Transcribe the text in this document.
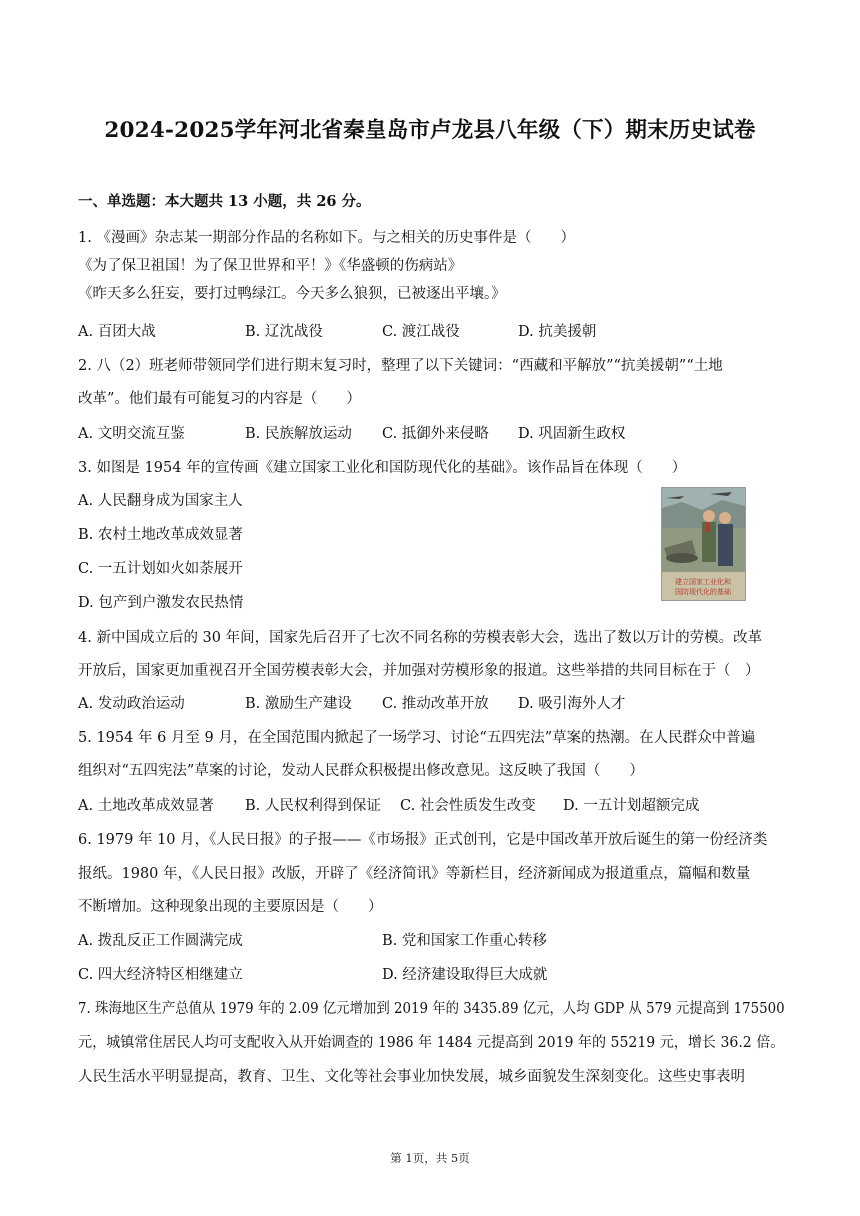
2024-2025学年河北省秦皇岛市卢龙县八年级（下）期末历史试卷
一、单选题：本大题共 13 小题，共 26 分。
1. 《漫画》杂志某一期部分作品的名称如下。与之相关的历史事件是（　　）
《为了保卫祖国！为了保卫世界和平！》《华盛顿的伤病站》
《昨天多么狂妄，要打过鸭绿江。今天多么狼狈，已被逐出平壤。》
A. 百团大战	B. 辽沈战役	C. 渡江战役	D. 抗美援朝
2. 八（2）班老师带领同学们进行期末复习时，整理了以下关键词：“西藏和平解放”“抗美援朝”“土地
改革”。他们最有可能复习的内容是（　　）
A. 文明交流互鉴	B. 民族解放运动 C. 抵御外来侵略 D. 巩固新生政权
3. 如图是 1954 年的宣传画《建立国家工业化和国防现代化的基础》。该作品旨在体现（　　）
A. 人民翻身成为国家主人
B. 农村土地改革成效显著
C. 一五计划如火如荼展开
D. 包产到户激发农民热情
建立国家工业化和
国防现代化的基础
4. 新中国成立后的 30 年间，国家先后召开了七次不同名称的劳模表彰大会，选出了数以万计的劳模。改革
开放后，国家更加重视召开全国劳模表彰大会，并加强对劳模形象的报道。这些举措的共同目标在于（　）
A. 发动政治运动	B. 激励生产建设 C. 推动改革开放 D. 吸引海外人才
5. 1954 年 6 月至 9 月，在全国范围内掀起了一场学习、讨论“五四宪法”草案的热潮。在人民群众中普遍
组织对“五四宪法”草案的讨论，发动人民群众积极提出修改意见。这反映了我国（　　）
A. 土地改革成效显著 B. 人民权利得到保证 C. 社会性质发生改变 D. 一五计划超额完成
6. 1979 年 10 月，《人民日报》的子报——《市场报》正式创刊，它是中国改革开放后诞生的第一份经济类
报纸。1980 年，《人民日报》改版，开辟了《经济简讯》等新栏目，经济新闻成为报道重点，篇幅和数量
不断增加。这种现象出现的主要原因是（　　）
A. 拨乱反正工作圆满完成	B. 党和国家工作重心转移
C. 四大经济特区相继建立	D. 经济建设取得巨大成就
7. 珠海地区生产总值从 1979 年的 2.09 亿元增加到 2019 年的 3435.89 亿元，人均 GDP 从 579 元提高到 175500
元，城镇常住居民人均可支配收入从开始调查的 1986 年 1484 元提高到 2019 年的 55219 元，增长 36.2 倍。
人民生活水平明显提高，教育、卫生、文化等社会事业加快发展，城乡面貌发生深刻变化。这些史事表明
第 1页，共 5页
